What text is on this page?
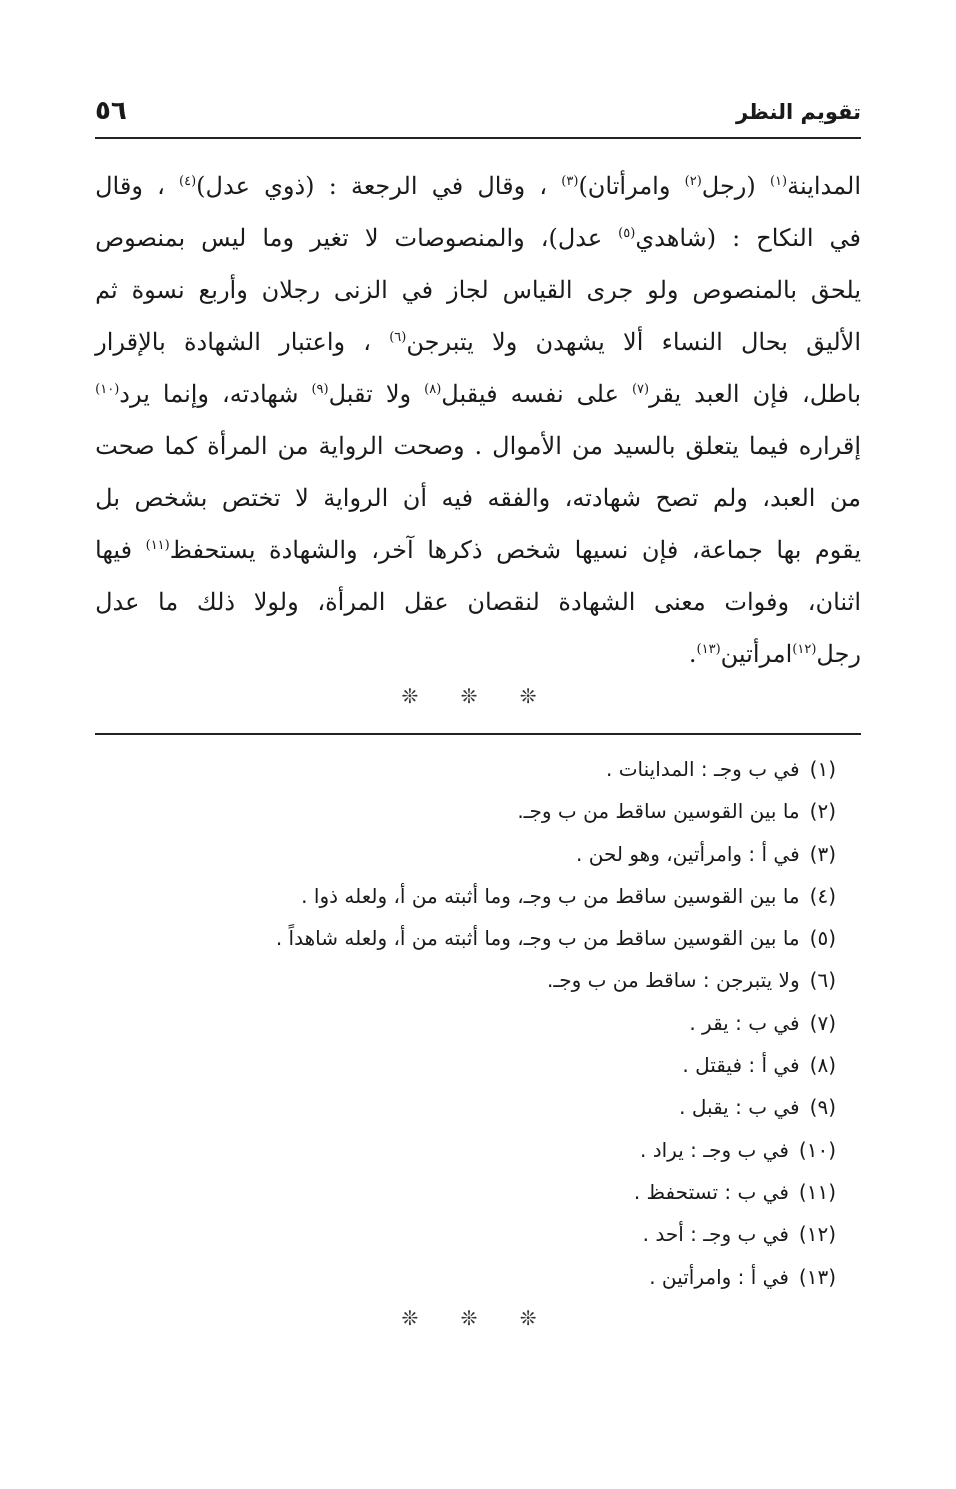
تقويم النظر
٥٦
المداينة$^{(١)}$
(رجل$^{(٢)}$
وامرأتان)$^{(٣)}$
،
وقال
في
الرجعة
:
(ذوي
عدل)$^{(٤)}$
،
وقال
في
النكاح
:
(شاهدي$^{(٥)}$
عدل)،
والمنصوصات
لا
تغير
وما
ليس
بمنصوص
يلحق
بالمنصوص
ولو
جرى
القياس
لجاز
في
الزنى
رجلان
وأربع
نسوة
ثم
الأليق
بحال
النساء
ألا
يشهدن
ولا
يتبرجن$^{(٦)}$
،
واعتبار
الشهادة
بالإقرار
باطل،
فإن
العبد
يقر$^{(٧)}$
على
نفسه
فيقبل$^{(٨)}$
ولا
تقبل$^{(٩)}$
شهادته،
وإنما
يرد$^{(١٠)}$
إقراره
فيما
يتعلق
بالسيد
من
الأموال
.
وصحت
الرواية
من
المرأة
كما
صحت
من
العبد،
ولم
تصح
شهادته،
والفقه
فيه
أن
الرواية
لا
تختص
بشخص
بل
يقوم
بها
جماعة،
فإن
نسيها
شخص
ذكرها
آخر،
والشهادة
يستحفظ$^{(١١)}$
فيها
اثنان،
وفوات
معنى
الشهادة
لنقصان
عقل
المرأة،
ولولا
ذلك
ما
عدل
رجل$^{(١٢)}$
امرأتين$^{(١٣)}$
.
❊ ❊ ❊
(١)في ب وجـ : المداينات .
(٢)ما بين القوسين ساقط من ب وجـ.
(٣)في أ : وامرأتين، وهو لحن .
(٤)ما بين القوسين ساقط من ب وجـ، وما أثبته من أ، ولعله ذوا .
(٥)ما بين القوسين ساقط من ب وجـ، وما أثبته من أ، ولعله شاهداً .
(٦)ولا يتبرجن : ساقط من ب وجـ.
(٧)في ب : يقر .
(٨)في أ : فيقتل .
(٩)في ب : يقبل .
(١٠)في ب وجـ : يراد .
(١١)في ب : تستحفظ .
(١٢)في ب وجـ : أحد .
(١٣)في أ : وامرأتين .
❊ ❊ ❊
